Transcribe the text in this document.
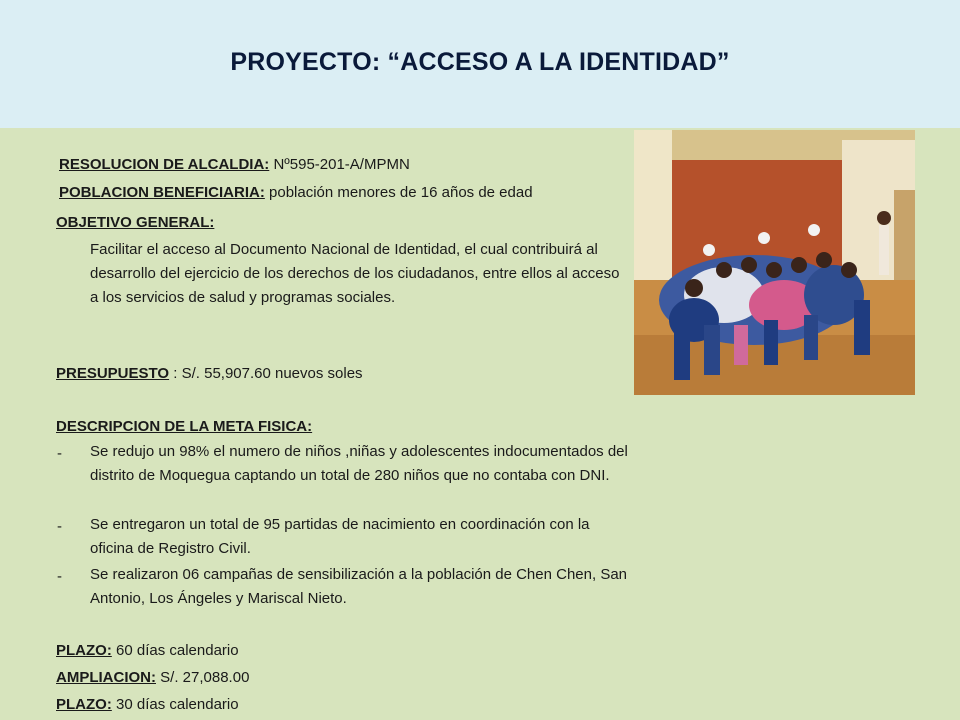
PROYECTO: “ACCESO A LA IDENTIDAD”
RESOLUCION DE ALCALDIA: Nº595-201-A/MPMN
POBLACION BENEFICIARIA: población menores de 16 años de edad
OBJETIVO GENERAL:
Facilitar el acceso al Documento Nacional de Identidad, el cual contribuirá al desarrollo del ejercicio de los derechos de los ciudadanos, entre ellos al acceso a los servicios de salud y programas sociales.
PRESUPUESTO : S/. 55,907.60 nuevos soles
DESCRIPCION DE LA META FISICA:
- Se redujo un 98% el numero de niños ,niñas y adolescentes indocumentados del distrito de Moquegua captando un total de 280 niños que no contaba con DNI.
- Se entregaron un total de 95 partidas de nacimiento en coordinación con la oficina de Registro Civil.
- Se realizaron 06 campañas de sensibilización a la población de Chen Chen, San Antonio, Los Ángeles y Mariscal Nieto.
PLAZO: 60 días calendario
AMPLIACION: S/. 27,088.00
PLAZO: 30 días calendario
